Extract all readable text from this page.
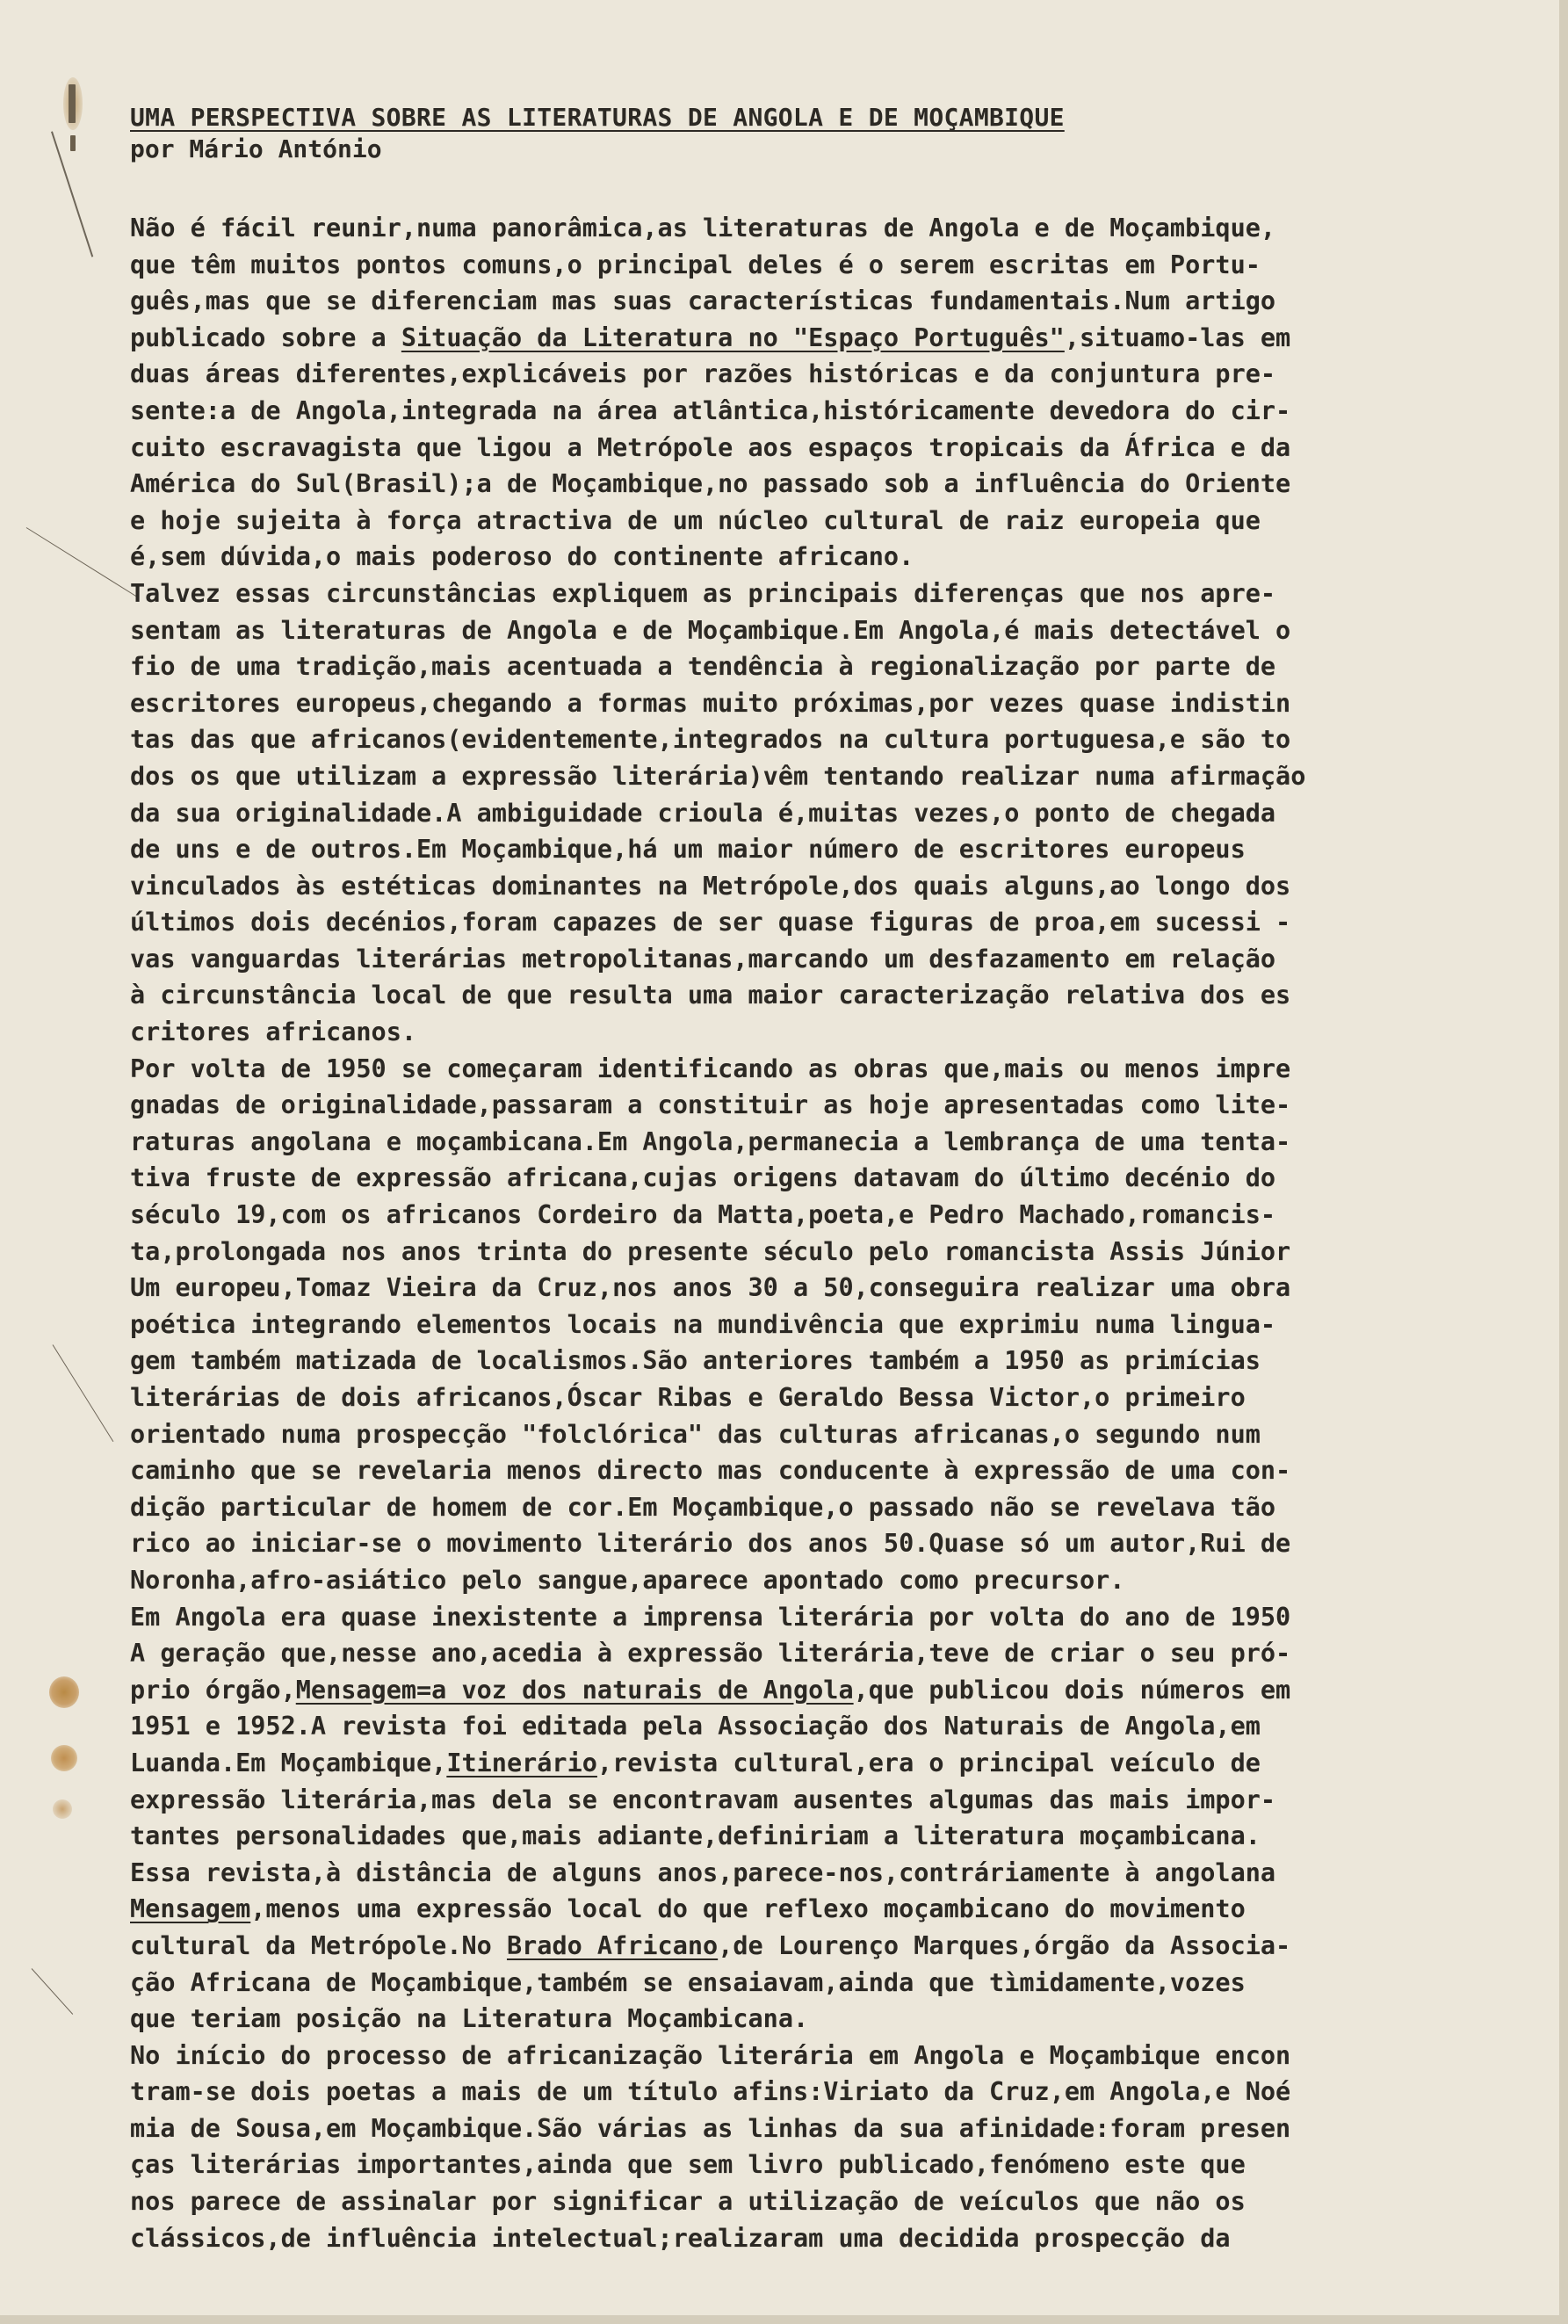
UMA PERSPECTIVA SOBRE AS LITERATURAS DE ANGOLA E DE MOÇAMBIQUE
por Mário António
Não é fácil reunir,numa panorâmica,as literaturas de Angola e de Moçambique,
que têm muitos pontos comuns,o principal deles é o serem escritas em Portu-
guês,mas que se diferenciam mas suas características fundamentais.Num artigo
publicado sobre a Situação da Literatura no "Espaço Português",situamo-las em
duas áreas diferentes,explicáveis por razões históricas e da conjuntura pre-
sente:a de Angola,integrada na área atlântica,históricamente devedora do cir-
cuito escravagista que ligou a Metrópole aos espaços tropicais da África e da
América do Sul(Brasil);a de Moçambique,no passado sob a influência do Oriente
e hoje sujeita à força atractiva de um núcleo cultural de raiz europeia que
é,sem dúvida,o mais poderoso do continente africano.
Talvez essas circunstâncias expliquem as principais diferenças que nos apre-
sentam as literaturas de Angola e de Moçambique.Em Angola,é mais detectável o
fio de uma tradição,mais acentuada a tendência à regionalização por parte de
escritores europeus,chegando a formas muito próximas,por vezes quase indistin
tas das que africanos(evidentemente,integrados na cultura portuguesa,e são to
dos os que utilizam a expressão literária)vêm tentando realizar numa afirmação
da sua originalidade.A ambiguidade crioula é,muitas vezes,o ponto de chegada
de uns e de outros.Em Moçambique,há um maior número de escritores europeus
vinculados às estéticas dominantes na Metrópole,dos quais alguns,ao longo dos
últimos dois decénios,foram capazes de ser quase figuras de proa,em sucessi -
vas vanguardas literárias metropolitanas,marcando um desfazamento em relação
à circunstância local de que resulta uma maior caracterização relativa dos es
critores africanos.
Por volta de 1950 se começaram identificando as obras que,mais ou menos impre
gnadas de originalidade,passaram a constituir as hoje apresentadas como lite-
raturas angolana e moçambicana.Em Angola,permanecia a lembrança de uma tenta-
tiva fruste de expressão africana,cujas origens datavam do último decénio do
século 19,com os africanos Cordeiro da Matta,poeta,e Pedro Machado,romancis-
ta,prolongada nos anos trinta do presente século pelo romancista Assis Júnior
Um europeu,Tomaz Vieira da Cruz,nos anos 30 a 50,conseguira realizar uma obra
poética integrando elementos locais na mundivência que exprimiu numa lingua-
gem também matizada de localismos.São anteriores também a 1950 as primícias
literárias de dois africanos,Óscar Ribas e Geraldo Bessa Victor,o primeiro
orientado numa prospecção "folclórica" das culturas africanas,o segundo num
caminho que se revelaria menos directo mas conducente à expressão de uma con-
dição particular de homem de cor.Em Moçambique,o passado não se revelava tão
rico ao iniciar-se o movimento literário dos anos 50.Quase só um autor,Rui de
Noronha,afro-asiático pelo sangue,aparece apontado como precursor.
Em Angola era quase inexistente a imprensa literária por volta do ano de 1950
A geração que,nesse ano,acedia à expressão literária,teve de criar o seu pró-
prio órgão,Mensagem=a voz dos naturais de Angola,que publicou dois números em
1951 e 1952.A revista foi editada pela Associação dos Naturais de Angola,em
Luanda.Em Moçambique,Itinerário,revista cultural,era o principal veículo de
expressão literária,mas dela se encontravam ausentes algumas das mais impor-
tantes personalidades que,mais adiante,definiriam a literatura moçambicana.
Essa revista,à distância de alguns anos,parece-nos,contráriamente à angolana
Mensagem,menos uma expressão local do que reflexo moçambicano do movimento
cultural da Metrópole.No Brado Africano,de Lourenço Marques,órgão da Associa-
ção Africana de Moçambique,também se ensaiavam,ainda que tìmidamente,vozes
que teriam posição na Literatura Moçambicana.
No início do processo de africanização literária em Angola e Moçambique encon
tram-se dois poetas a mais de um título afins:Viriato da Cruz,em Angola,e Noé
mia de Sousa,em Moçambique.São várias as linhas da sua afinidade:foram presen
ças literárias importantes,ainda que sem livro publicado,fenómeno este que
nos parece de assinalar por significar a utilização de veículos que não os
clássicos,de influência intelectual;realizaram uma decidida prospecção da
